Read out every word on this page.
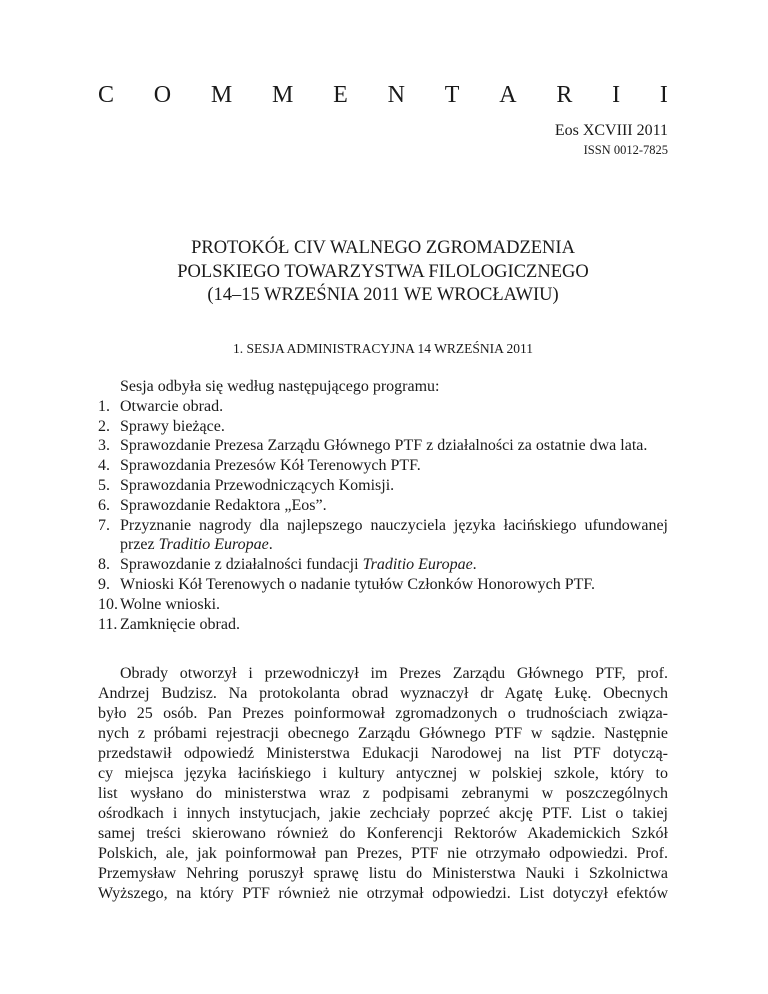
C O M M E N T A R I I
Eos XCVIII 2011
ISSN 0012-7825
PROTOKÓŁ CIV WALNEGO ZGROMADZENIA
POLSKIEGO TOWARZYSTWA FILOLOGICZNEGO
(14–15 WRZEŚNIA 2011 WE WROCŁAWIU)
1. SESJA ADMINISTRACYJNA 14 WRZEŚNIA 2011
Sesja odbyła się według następującego programu:
1. Otwarcie obrad.
2. Sprawy bieżące.
3. Sprawozdanie Prezesa Zarządu Głównego PTF z działalności za ostatnie dwa lata.
4. Sprawozdania Prezesów Kół Terenowych PTF.
5. Sprawozdania Przewodniczących Komisji.
6. Sprawozdanie Redaktora „Eos”.
7. Przyznanie nagrody dla najlepszego nauczyciela języka łacińskiego ufundowanej przez Traditio Europae.
8. Sprawozdanie z działalności fundacji Traditio Europae.
9. Wnioski Kół Terenowych o nadanie tytułów Członków Honorowych PTF.
10. Wolne wnioski.
11. Zamknięcie obrad.
Obrady otworzył i przewodniczył im Prezes Zarządu Głównego PTF, prof.
Andrzej Budzisz. Na protokolanta obrad wyznaczył dr Agatę Łukę. Obecnych
było 25 osób. Pan Prezes poinformował zgromadzonych o trudnościach związa-
nych z próbami rejestracji obecnego Zarządu Głównego PTF w sądzie. Następnie
przedstawił odpowiedź Ministerstwa Edukacji Narodowej na list PTF dotyczą-
cy miejsca języka łacińskiego i kultury antycznej w polskiej szkole, który to
list wysłano do ministerstwa wraz z podpisami zebranymi w poszczególnych
ośrodkach i innych instytucjach, jakie zechciały poprzeć akcję PTF. List o takiej
samej treści skierowano również do Konferencji Rektorów Akademickich Szkół
Polskich, ale, jak poinformował pan Prezes, PTF nie otrzymało odpowiedzi. Prof.
Przemysław Nehring poruszył sprawę listu do Ministerstwa Nauki i Szkolnictwa
Wyższego, na który PTF również nie otrzymał odpowiedzi. List dotyczył efektów
